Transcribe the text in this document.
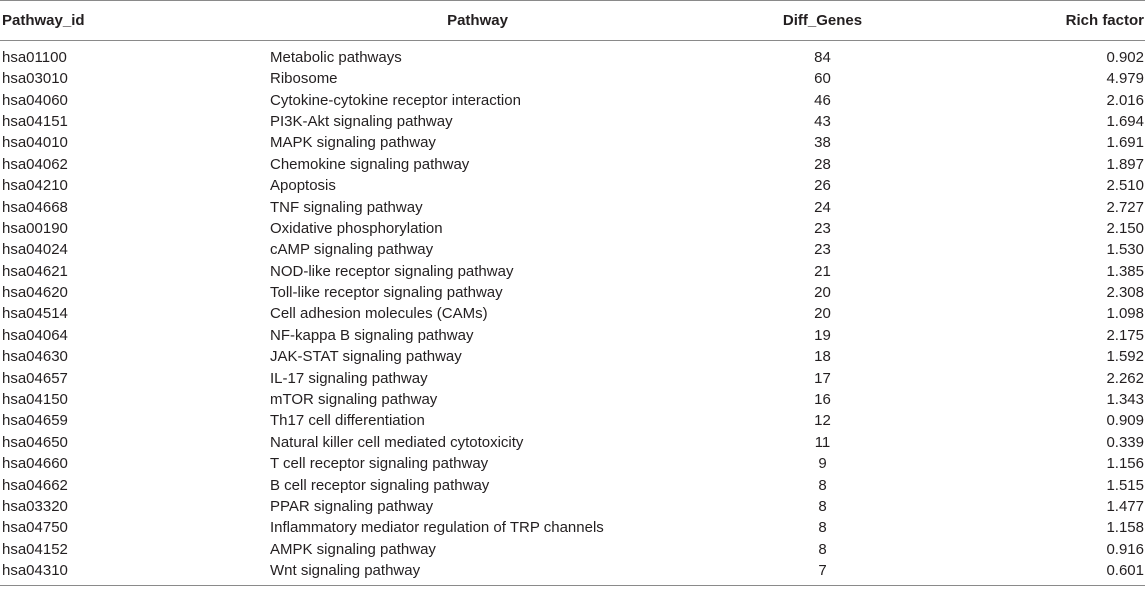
Pathway_id	Pathway	Diff_Genes	Rich factor
hsa01100	Metabolic pathways	84	0.902
hsa03010	Ribosome	60	4.979
hsa04060	Cytokine-cytokine receptor interaction	46	2.016
hsa04151	PI3K-Akt signaling pathway	43	1.694
hsa04010	MAPK signaling pathway	38	1.691
hsa04062	Chemokine signaling pathway	28	1.897
hsa04210	Apoptosis	26	2.510
hsa04668	TNF signaling pathway	24	2.727
hsa00190	Oxidative phosphorylation	23	2.150
hsa04024	cAMP signaling pathway	23	1.530
hsa04621	NOD-like receptor signaling pathway	21	1.385
hsa04620	Toll-like receptor signaling pathway	20	2.308
hsa04514	Cell adhesion molecules (CAMs)	20	1.098
hsa04064	NF-kappa B signaling pathway	19	2.175
hsa04630	JAK-STAT signaling pathway	18	1.592
hsa04657	IL-17 signaling pathway	17	2.262
hsa04150	mTOR signaling pathway	16	1.343
hsa04659	Th17 cell differentiation	12	0.909
hsa04650	Natural killer cell mediated cytotoxicity	11	0.339
hsa04660	T cell receptor signaling pathway	9	1.156
hsa04662	B cell receptor signaling pathway	8	1.515
hsa03320	PPAR signaling pathway	8	1.477
hsa04750	Inflammatory mediator regulation of TRP channels	8	1.158
hsa04152	AMPK signaling pathway	8	0.916
hsa04310	Wnt signaling pathway	7	0.601
